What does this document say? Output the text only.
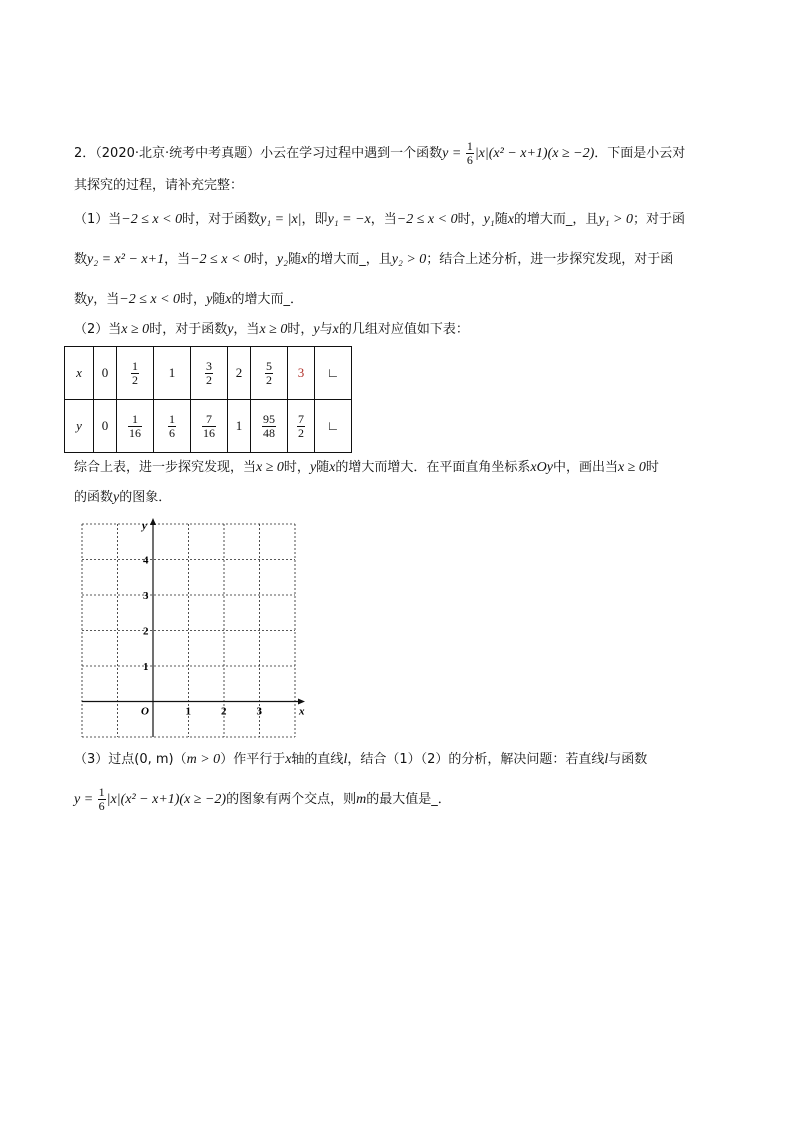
2．（2020·北京·统考中考真题）小云在学习过程中遇到一个函数$y = \frac{1}{6} |x|(x^2 - x+1)(x \ge -2)$．下面是小云对
其探究的过程，请补充完整：
（1）当−2 ≤ x < 0时，对于函数y₁ = |x|，即y₁ = −x，当−2 ≤ x < 0时，y₁随x的增大而_，且y₁ > 0；对于函
数y₂ = x² − x+1，当−2 ≤ x < 0时，y₂随x的增大而_，且y₂ > 0；结合上述分析，进一步探究发现，对于函
数y，当−2 ≤ x < 0时，y随x的增大而_．
（2）当x ≥ 0时，对于函数y，当x ≥ 0时，y与x的几组对应值如下表：
x	0	$\frac{1}{2}$	1	$\frac{3}{2}$	2	$\frac{5}{2}$	3	∟
y	0	$\frac{1}{16}$	$\frac{1}{6}$	$\frac{7}{16}$	1	$\frac{95}{48}$	$\frac{7}{2}$	∟
综合上表，进一步探究发现，当x ≥ 0时，y随x的增大而增大．在平面直角坐标系xOy中，画出当x ≥ 0时
的函数y的图象．
1	2	3
1
2
3
4
x
y
O
（3）过点(0, m)（m > 0）作平行于x轴的直线l，结合（1）（2）的分析，解决问题：若直线l与函数
$y = \frac{1}{6} |x|(x^2 - x+1)(x \ge -2)$的图象有两个交点，则m的最大值是_．
